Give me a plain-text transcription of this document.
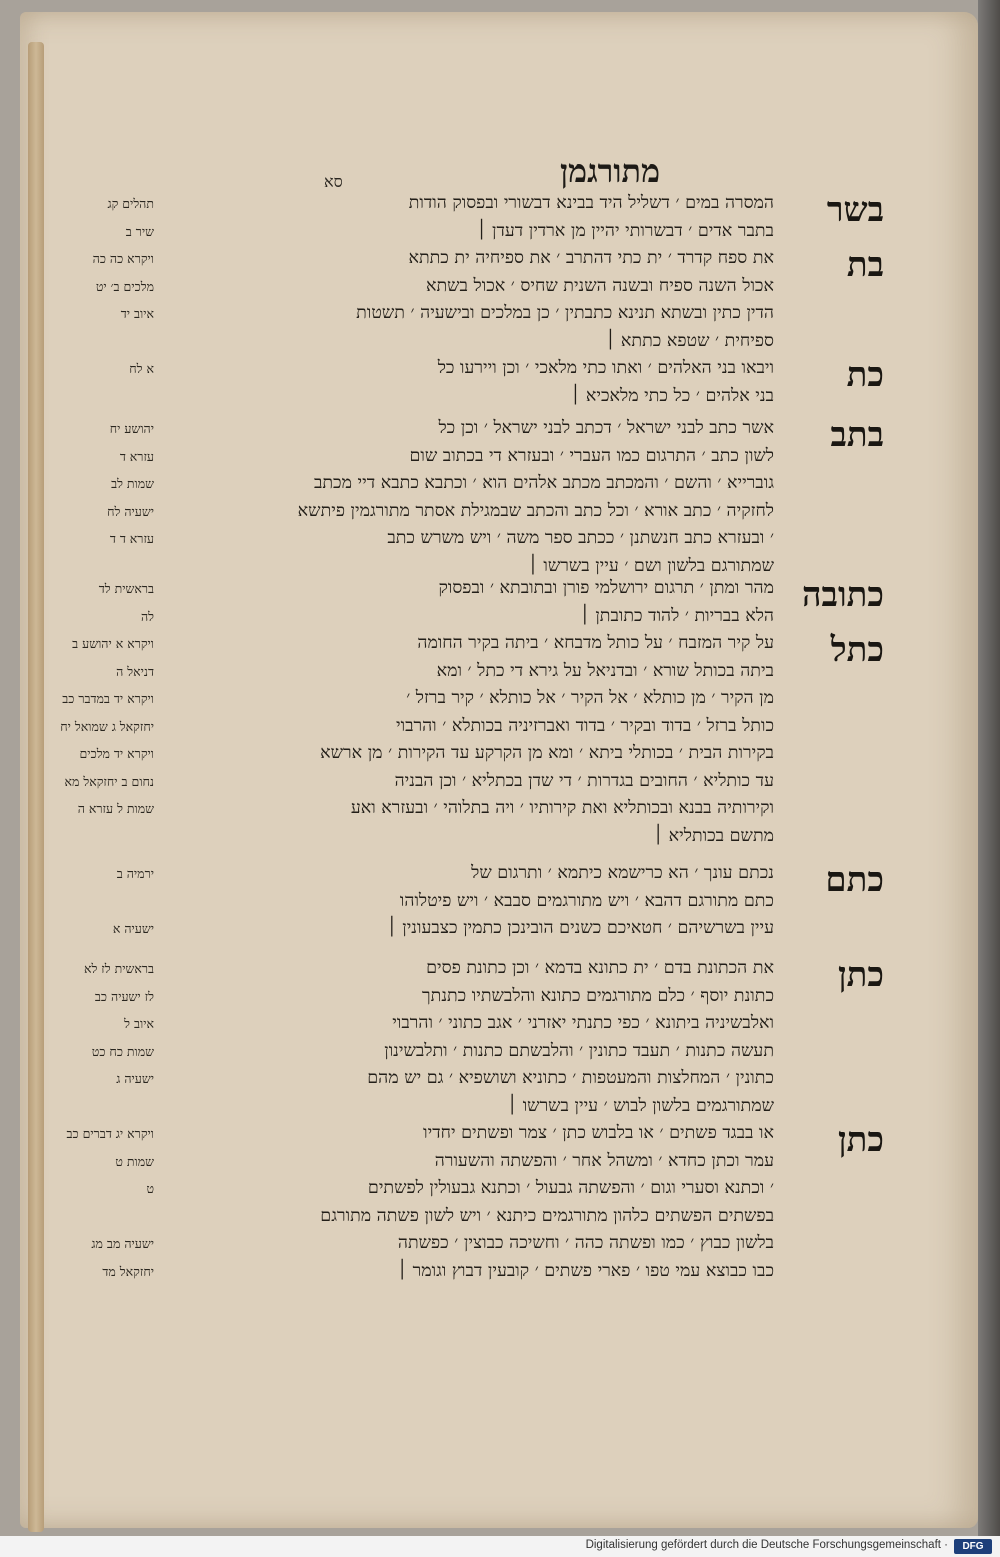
מתורגמן
סא
בשר
המסרה במים ׳ דשליל היד בבינא דבשורי ובפסוק הודות
בתבר אדים ׳ דבשרותי יהיין מן ארדין דעדן ׀
תהלים קג
שיר ב
בת
את ספח קדרד ׳ ית כתי דהתרב ׳ את ספיחיה ית כתתא
אכול השנה ספיח ובשנה השנית שחיס ׳ אכול בשתא
הדין כתין ובשתא תנינא כתבתין ׳ כן במלכים ובישעיה ׳ תשטות
ספיחית ׳ שטפא כתתא ׀
ויקרא כה כה
מלכים ב׳ יט
איוב יד
כת
ויבאו בני האלהים ׳ ואתו כתי מלאכי ׳ וכן ויירעו כל
בני אלהים ׳ כל כתי מלאכיא ׀
א לח
בתב
אשר כתב לבני ישראל ׳ דכתב לבני ישראל ׳ וכן כל
לשון כתב ׳ התרגום כמו העברי ׳ ובעזרא די בכתוב שום
גוברייא ׳ והשם ׳ והמכתב מכתב אלהים הוא ׳ וכתבא כתבא דיי מכתב
לחזקיה ׳ כתב אורא ׳ וכל כתב והכתב שבמגילת אסתר מתורגמין פיתשא
׳ ובעזרא כתב חנשתנן ׳ ככתב ספר משה ׳ ויש משרש כתב
שמתורגם בלשון ושם ׳ עיין בשרשו ׀
יהושע יח
עזרא ד
שמות לב
ישעיה לח
עזרא ד ד
כתובה
מהר ומתן ׳ תרגום ירושלמי פורן ובתובתא ׳ ובפסוק
הלא בבריות ׳ להוד כתובתן ׀
בראשית לד
לה
כתל
על קיר המזבח ׳ על כותל מדבחא ׳ ביתה בקיר החומה
ביתה בכותל שורא ׳ ובדניאל על גירא די כתל ׳ ומא
מן הקיר ׳ מן כותלא ׳ אל הקיר ׳ אל כותלא ׳ קיר ברזל ׳
כותל ברזל ׳ בדוד ובקיר ׳ בדוד ואברזיניה בכותלא ׳ והרבוי
בקירות הבית ׳ בכותלי ביתא ׳ ומא מן הקרקע עד הקירות ׳ מן ארשא
עד כותליא ׳ החובים בגדרות ׳ די שדן בכתליא ׳ וכן הבניה
וקירותיה בבנא ובכותליא ואת קירותיו ׳ ויה בתלוהי ׳ ובעזרא ואע
מתשם בכותליא ׀
ויקרא א יהושע ב
דניאל ה
ויקרא יד במדבר כב
יחזקאל ג שמואל יח
ויקרא יד מלכים
נחום ב יחזקאל מא
שמות ל עזרא ה
כתם
נכתם עונך ׳ הא כרישמא כיתמא ׳ ותרגום של
כתם מתורגם דהבא ׳ ויש מתורגמים סבבא ׳ ויש פיטלוהו
עיין בשרשיהם ׳ חטאיכם כשנים הובינכן כתמין כצבעונין ׀
ירמיה ב
ישעיה א
כתן
את הכתונת בדם ׳ ית כתונא בדמא ׳ וכן כתונת פסים
כתונת יוסף ׳ כלם מתורגמים כתונא והלבשתיו כתנתך
ואלבשיניה ביתונא ׳ כפי כתנתי יאזרני ׳ אגב כתוני ׳ והרבוי
תעשה כתנות ׳ תעבד כתונין ׳ והלבשתם כתנות ׳ ותלבשינון
כתונין ׳ המחלצות והמעטפות ׳ כתוניא ושושפיא ׳ גם יש מהם
שמתורגמים בלשון לבוש ׳ עיין בשרשו ׀
בראשית לז לא
לז ישעיה כב
איוב ל
שמות כח כט
ישעיה ג
כתן
או בבגד פשתים ׳ או בלבוש כתן ׳ צמר ופשתים יחדיו
עמר וכתן כחדא ׳ ומשהל אחר ׳ והפשתה והשעורה
׳ וכתנא וסערי וגום ׳ והפשתה גבעול ׳ וכתנא גבעולין לפשתים
בפשתים הפשתים כלהון מתורגמים כיתנא ׳ ויש לשון פשתה מתורגם
בלשון כבוץ ׳ כמו ופשתה כהה ׳ וחשיכה כבוצין ׳ כפשתה
כבו כבוצא עמי טפו ׳ פארי פשתים ׳ קובעין דבוץ וגומר ׀
ויקרא יג דברים כב
שמות ט
ט
ישעיה מב מג
יחזקאל מד
Digitalisierung gefördert durch die Deutsche Forschungsgemeinschaft ·	DFG
